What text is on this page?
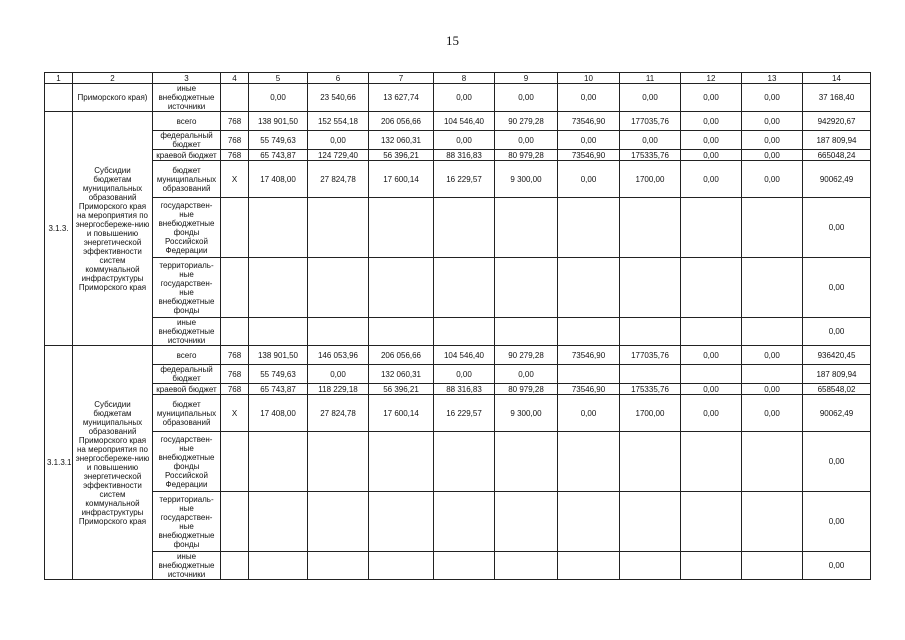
15
1	2	3	4	5	6	7	8	9	10	11	12	13	14
	Приморского края)	иные внебюджетные источники		0,00	23 540,66	13 627,74	0,00	0,00	0,00	0,00	0,00	0,00	37 168,40
3.1.3.	Субсидии бюджетам муниципальных образований Приморского края на мероприятия по энергосбереже-нию и повышению энергетической эффективности систем коммунальной инфраструктуры Приморского края	всего	768	138 901,50	152 554,18	206 056,66	104 546,40	90 279,28	73546,90	177035,76	0,00	0,00	942920,67
		федеральный бюджет	768	55 749,63	0,00	132 060,31	0,00	0,00	0,00	0,00	0,00	0,00	187 809,94
		краевой бюджет	768	65 743,87	124 729,40	56 396,21	88 316,83	80 979,28	73546,90	175335,76	0,00	0,00	665048,24
		бюджет муниципальных образований	X	17 408,00	27 824,78	17 600,14	16 229,57	9 300,00	0,00	1700,00	0,00	0,00	90062,49
		государствен-ные внебюджетные фонды Российской Федерации											0,00
		территориаль-ные государствен-ные внебюджетные фонды											0,00
		иные внебюджетные источники											0,00
3.1.3.1	Субсидии бюджетам муниципальных образований Приморского края на мероприятия по энергосбереже-нию и повышению энергетической эффективности систем коммунальной инфраструктуры Приморского края	всего	768	138 901,50	146 053,96	206 056,66	104 546,40	90 279,28	73546,90	177035,76	0,00	0,00	936420,45
		федеральный бюджет	768	55 749,63	0,00	132 060,31	0,00	0,00					187 809,94
		краевой бюджет	768	65 743,87	118 229,18	56 396,21	88 316,83	80 979,28	73546,90	175335,76	0,00	0,00	658548,02
		бюджет муниципальных образований	X	17 408,00	27 824,78	17 600,14	16 229,57	9 300,00	0,00	1700,00	0,00	0,00	90062,49
		государствен-ные внебюджетные фонды Российской Федерации											0,00
		территориаль-ные государствен-ные внебюджетные фонды											0,00
		иные внебюджетные источники											0,00
